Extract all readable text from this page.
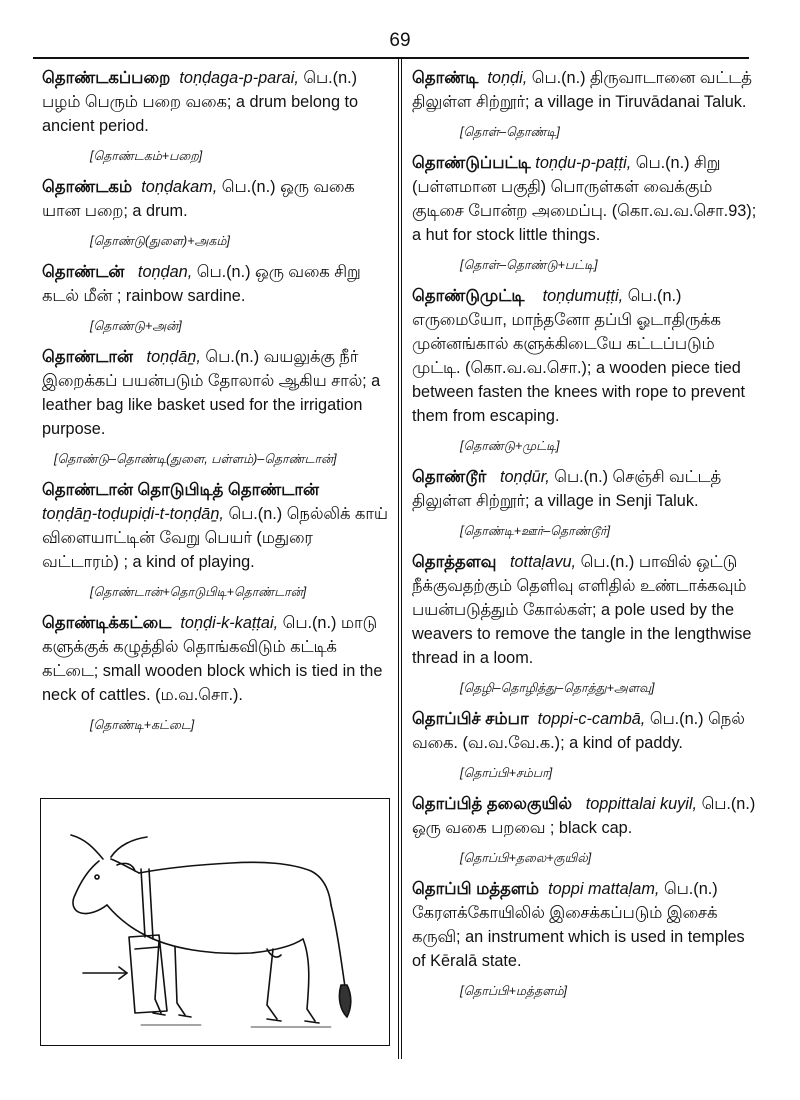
69

தொண்டகப்பறை toṇḍaga-p-parai, பெ.(n.) பழம் பெரும் பறை வகை; a drum belong to ancient period.

[தொண்டகம்+பறை]

தொண்டகம் toṇḍakam, பெ.(n.) ஒரு வகை யான பறை; a drum.

[தொண்டு(துளை)+அகம்]

தொண்டன் toṇḍan, பெ.(n.) ஒரு வகை சிறு கடல் மீன் ; rainbow sardine.

[தொண்டு+அன்]

தொண்டான் toṇḍāṉ, பெ.(n.) வயலுக்கு நீர் இறைக்கப் பயன்படும் தோலால் ஆகிய சால்; a leather bag like basket used for the irrigation purpose.

[தொண்டு–தொண்டி(துளை, பள்ளம்)–தொண்டான்]

தொண்டான் தொடுபிடித் தொண்டான்
toṇḍāṉ-toḍupiḍi-t-toṇḍāṉ, பெ.(n.) நெல்லிக் காய் விளையாட்டின் வேறு பெயர் (மதுரை வட்டாரம்) ; a kind of playing.

[தொண்டான்+தொடுபிடி+தொண்டான்]

தொண்டிக்கட்டை toṇḍi-k-kaṭṭai, பெ.(n.) மாடு களுக்குக் கழுத்தில் தொங்கவிடும் கட்டிக் கட்டை; small wooden block which is tied in the neck of cattles. (ம.வ.சொ.).

[தொண்டி+கட்டை]

தொண்டி toṇḍi, பெ.(n.) திருவாடானை வட்டத் திலுள்ள சிற்றூர்; a village in Tiruvādanai Taluk.

[தொள்–தொண்டி]

தொண்டுப்பட்டி toṇḍu-p-paṭṭi, பெ.(n.) சிறு (பள்ளமான பகுதி) பொருள்கள் வைக்கும் குடிசை போன்ற அமைப்பு. (கொ.வ.வ.சொ.93); a hut for stock little things.

[தொள்–தொண்டு+பட்டி]

தொண்டுமுட்டி toṇḍumuṭṭi, பெ.(n.) எருமையோ, மாந்தனோ தப்பி ஓடாதிருக்க முன்னங்கால் களுக்கிடையே கட்டப்படும் முட்டி. (கொ.வ.வ.சொ.); a wooden piece tied between fasten the knees with rope to prevent them from escaping.

[தொண்டு+முட்டி]

தொண்டூர் toṇḍūr, பெ.(n.) செஞ்சி வட்டத் திலுள்ள சிற்றூர்; a village in Senji Taluk.

[தொண்டி+ஊர்–தொண்டூர்]

தொத்தளவு tottaḷavu, பெ.(n.) பாவில் ஒட்டு நீக்குவதற்கும் தெளிவு எளிதில் உண்டாக்கவும் பயன்படுத்தும் கோல்கள்; a pole used by the weavers to remove the tangle in the lengthwise thread in a loom.

[தெழி–தொழித்து–தொத்து+அளவு]

தொப்பிச் சம்பா toppi-c-cambā, பெ.(n.) நெல் வகை. (வ.வ.வே.க.); a kind of paddy.

[தொப்பி+சம்பா]

தொப்பித் தலைகுயில் toppittalai kuyil, பெ.(n.) ஒரு வகை பறவை ; black cap.

[தொப்பி+தலை+குயில்]

தொப்பி மத்தளம் toppi mattaḷam, பெ.(n.) கேரளக்கோயிலில் இசைக்கப்படும் இசைக் கருவி; an instrument which is used in temples of Kēralā state.

[தொப்பி+மத்தளம்]
